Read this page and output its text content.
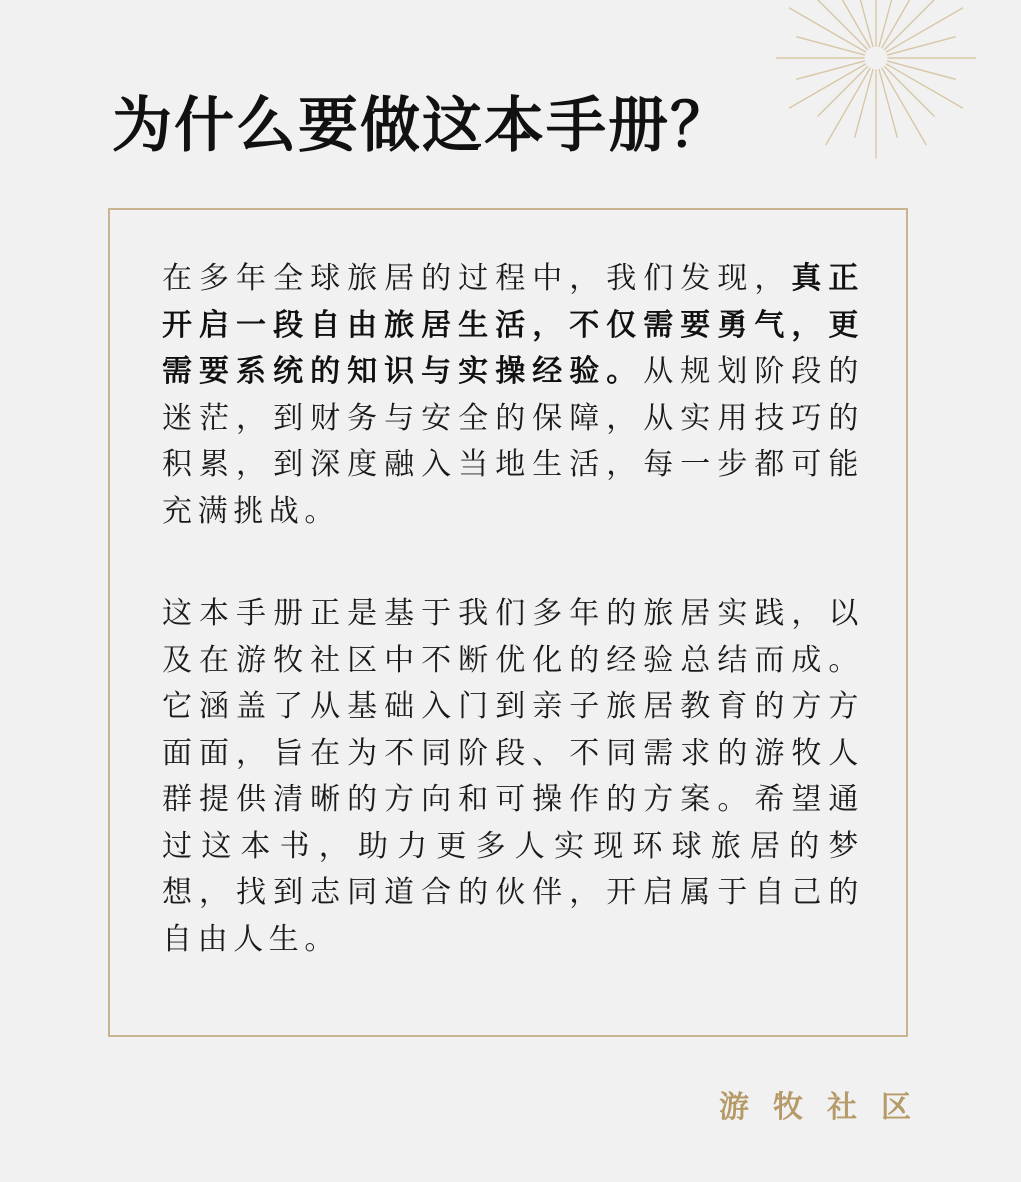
为什么要做这本手册？

在多年全球旅居的过程中，我们发现，真正开启一段自由旅居生活，不仅需要勇气，更需要系统的知识与实操经验。从规划阶段的迷茫，到财务与安全的保障，从实用技巧的积累，到深度融入当地生活，每一步都可能充满挑战。

这本手册正是基于我们多年的旅居实践，以及在游牧社区中不断优化的经验总结而成。它涵盖了从基础入门到亲子旅居教育的方方面面，旨在为不同阶段、不同需求的游牧人群提供清晰的方向和可操作的方案。希望通过这本书，助力更多人实现环球旅居的梦想，找到志同道合的伙伴，开启属于自己的自由人生。

游牧社区
